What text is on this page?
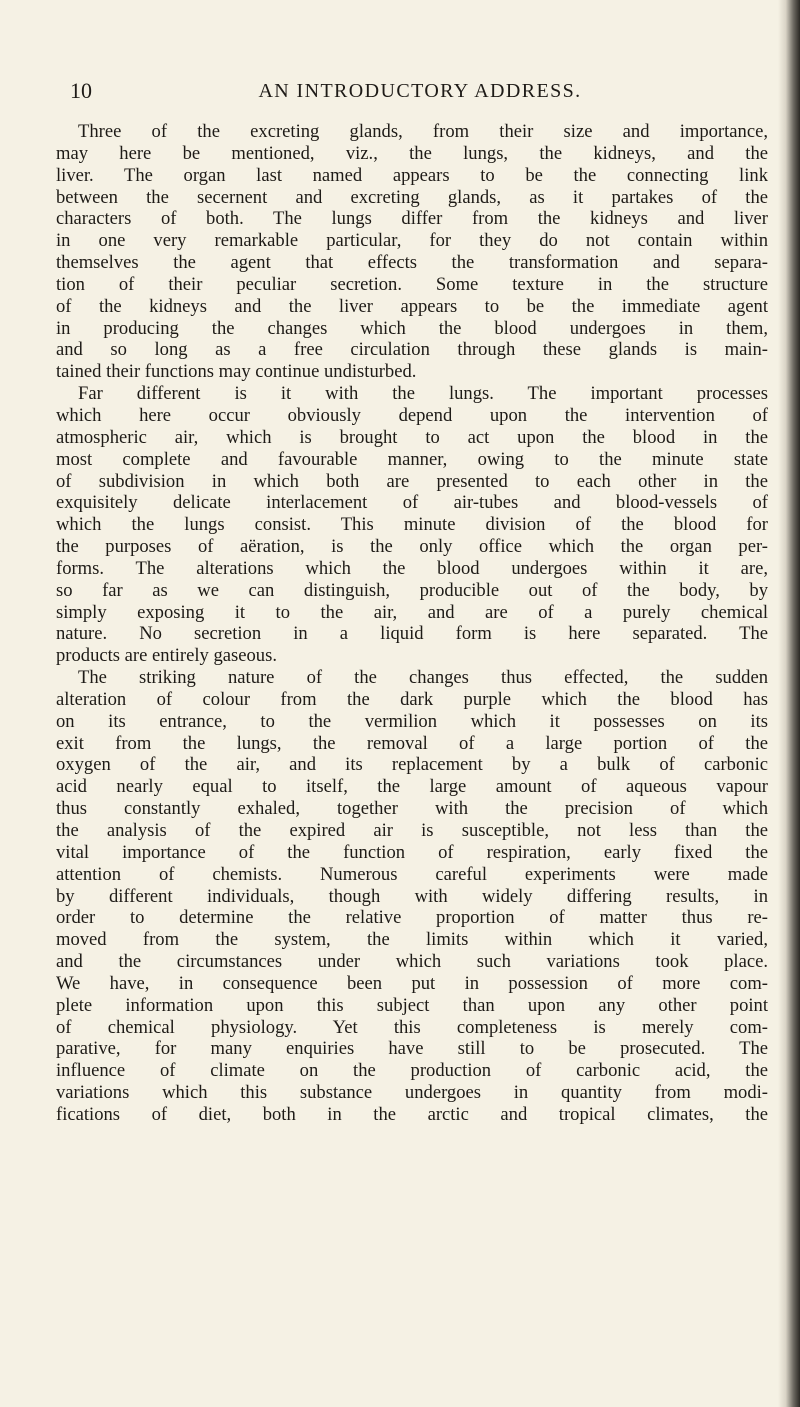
10	AN INTRODUCTORY ADDRESS.
Three of the excreting glands, from their size and importance,
may here be mentioned, viz., the lungs, the kidneys, and the
liver. The organ last named appears to be the connecting link
between the secernent and excreting glands, as it partakes of the
characters of both. The lungs differ from the kidneys and liver
in one very remarkable particular, for they do not contain within
themselves the agent that effects the transformation and separa-
tion of their peculiar secretion. Some texture in the structure
of the kidneys and the liver appears to be the immediate agent
in producing the changes which the blood undergoes in them,
and so long as a free circulation through these glands is main-
tained their functions may continue undisturbed.
Far different is it with the lungs. The important processes
which here occur obviously depend upon the intervention of
atmospheric air, which is brought to act upon the blood in the
most complete and favourable manner, owing to the minute state
of subdivision in which both are presented to each other in the
exquisitely delicate interlacement of air-tubes and blood-vessels of
which the lungs consist. This minute division of the blood for
the purposes of aëration, is the only office which the organ per-
forms. The alterations which the blood undergoes within it are,
so far as we can distinguish, producible out of the body, by
simply exposing it to the air, and are of a purely chemical
nature. No secretion in a liquid form is here separated. The
products are entirely gaseous.
The striking nature of the changes thus effected, the sudden
alteration of colour from the dark purple which the blood has
on its entrance, to the vermilion which it possesses on its
exit from the lungs, the removal of a large portion of the
oxygen of the air, and its replacement by a bulk of carbonic
acid nearly equal to itself, the large amount of aqueous vapour
thus constantly exhaled, together with the precision of which
the analysis of the expired air is susceptible, not less than the
vital importance of the function of respiration, early fixed the
attention of chemists. Numerous careful experiments were made
by different individuals, though with widely differing results, in
order to determine the relative proportion of matter thus re-
moved from the system, the limits within which it varied,
and the circumstances under which such variations took place.
We have, in consequence been put in possession of more com-
plete information upon this subject than upon any other point
of chemical physiology. Yet this completeness is merely com-
parative, for many enquiries have still to be prosecuted. The
influence of climate on the production of carbonic acid, the
variations which this substance undergoes in quantity from modi-
fications of diet, both in the arctic and tropical climates, the
